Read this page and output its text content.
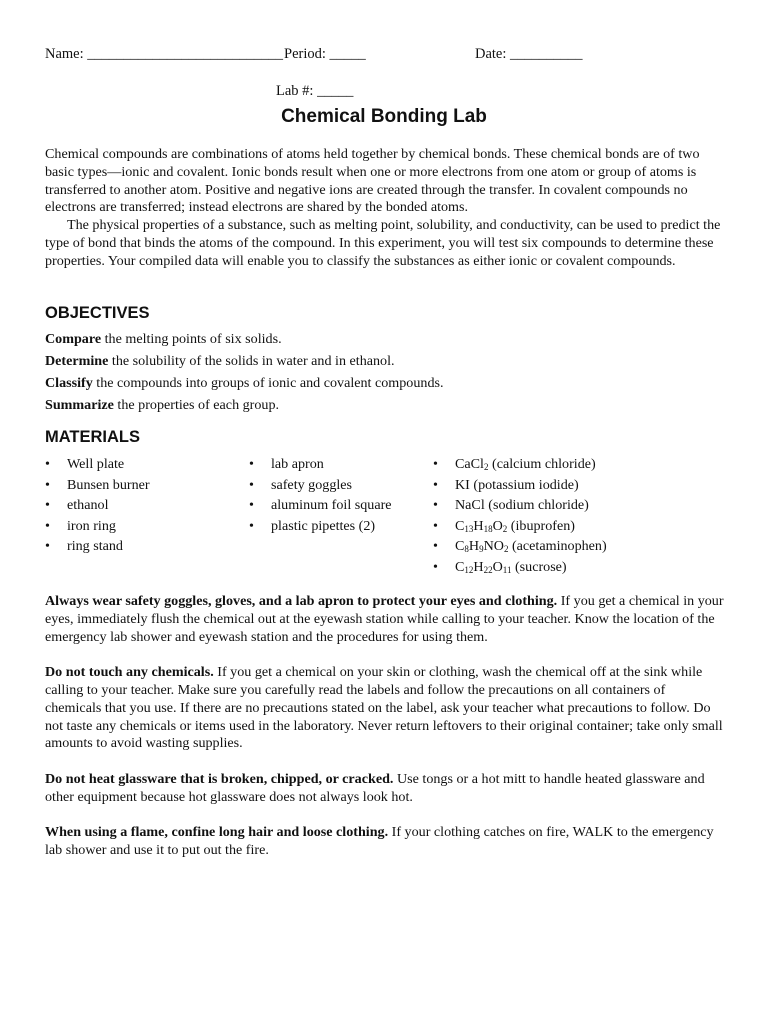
Name: ___________________________ Period: _____	Date: __________
Lab #: _____
Chemical Bonding Lab

Chemical compounds are combinations of atoms held together by chemical bonds. These chemical bonds are of two basic types—ionic and covalent. Ionic bonds result when one or more electrons from one atom or group of atoms is transferred to another atom. Positive and negative ions are created through the transfer. In covalent compounds no electrons are transferred; instead electrons are shared by the bonded atoms.

The physical properties of a substance, such as melting point, solubility, and conductivity, can be used to predict the type of bond that binds the atoms of the compound. In this experiment, you will test six compounds to determine these properties. Your compiled data will enable you to classify the substances as either ionic or covalent compounds.

OBJECTIVES
Compare the melting points of six solids.
Determine the solubility of the solids in water and in ethanol.
Classify the compounds into groups of ionic and covalent compounds.
Summarize the properties of each group.
MATERIALS
• Well plate
• Bunsen burner
• ethanol
• iron ring
• ring stand
• lab apron
• safety goggles
• aluminum foil square
• plastic pipettes (2)
• CaCl$_2$ (calcium chloride)
• KI (potassium iodide)
• NaCl (sodium chloride)
• $C_{13}H_{18}O_2$ (ibuprofen)
• $C_8H_9NO_2$ (acetaminophen)
• $C_{12}H_{22}O_{11}$ (sucrose)

Always wear safety goggles, gloves, and a lab apron to protect your eyes and clothing. If you get a chemical in your eyes, immediately flush the chemical out at the eyewash station while calling to your teacher. Know the location of the emergency lab shower and eyewash station and the procedures for using them.

Do not touch any chemicals. If you get a chemical on your skin or clothing, wash the chemical off at the sink while calling to your teacher. Make sure you carefully read the labels and follow the precautions on all containers of chemicals that you use. If there are no precautions stated on the label, ask your teacher what precautions to follow. Do not taste any chemicals or items used in the laboratory. Never return leftovers to their original container; take only small amounts to avoid wasting supplies.

Do not heat glassware that is broken, chipped, or cracked. Use tongs or a hot mitt to handle heated glassware and other equipment because hot glassware does not always look hot.

When using a flame, confine long hair and loose clothing. If your clothing catches on fire, WALK to the emergency lab shower and use it to put out the fire.
